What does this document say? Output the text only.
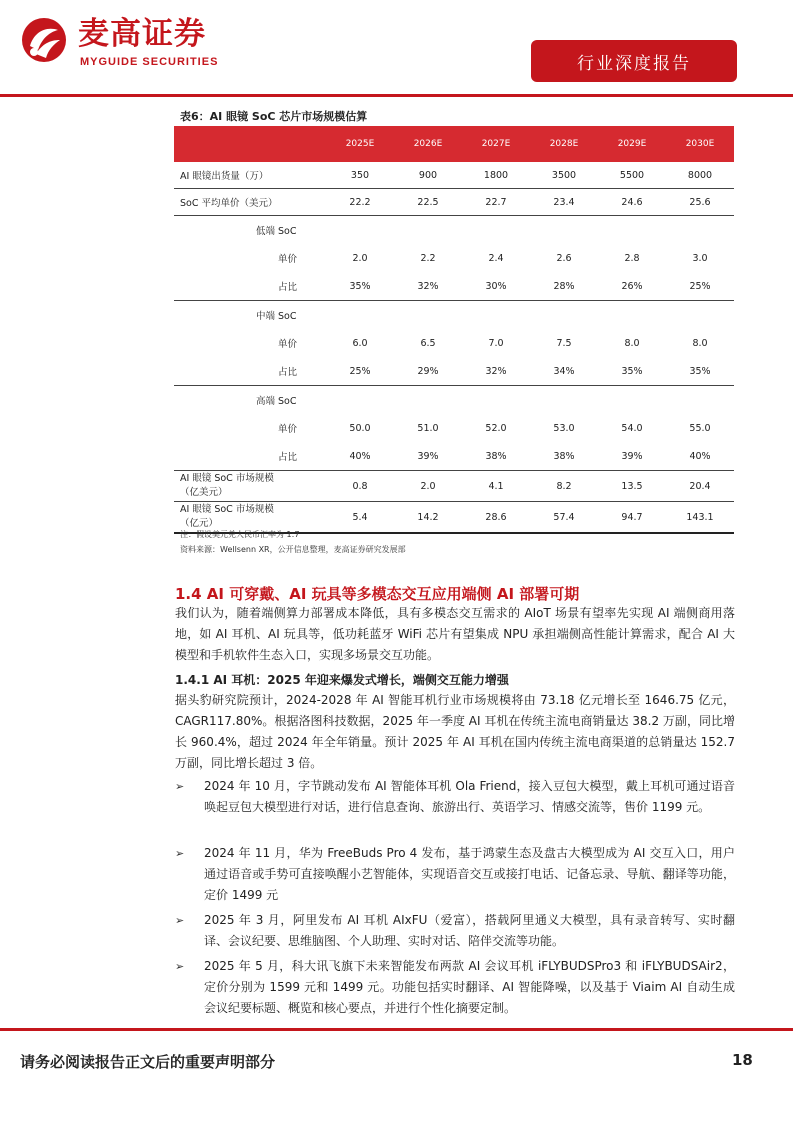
麦高证券
MYGUIDE SECURITIES	行业深度报告
表6：AI 眼镜 SoC 芯片市场规模估算
	2025E	2026E	2027E	2028E	2029E	2030E
AI 眼镜出货量（万）	350	900	1800	3500	5500	8000
SoC 平均单价（美元）	22.2	22.5	22.7	23.4	24.6	25.6
低端 SoC						
单价	2.0	2.2	2.4	2.6	2.8	3.0
占比	35%	32%	30%	28%	26%	25%
中端 SoC						
单价	6.0	6.5	7.0	7.5	8.0	8.0
占比	25%	29%	32%	34%	35%	35%
高端 SoC						
单价	50.0	51.0	52.0	53.0	54.0	55.0
占比	40%	39%	38%	38%	39%	40%
AI 眼镜 SoC 市场规模
（亿美元）	0.8	2.0	4.1	8.2	13.5	20.4
AI 眼镜 SoC 市场规模
（亿元）	5.4	14.2	28.6	57.4	94.7	143.1
注：假设美元兑人民币汇率为 1:7
资料来源：Wellsenn XR，公开信息整理，麦高证券研究发展部
1.4 AI 可穿戴、AI 玩具等多模态交互应用端侧 AI 部署可期
我们认为，随着端侧算力部署成本降低，具有多模态交互需求的 AIoT 场景有望率先实现 AI 端侧商用落地，如 AI 耳机、AI 玩具等，低功耗蓝牙 WiFi 芯片有望集成 NPU 承担端侧高性能计算需求，配合 AI 大模型和手机软件生态入口，实现多场景交互功能。
1.4.1 AI 耳机：2025 年迎来爆发式增长，端侧交互能力增强
据头豹研究院预计，2024-2028 年 AI 智能耳机行业市场规模将由 73.18 亿元增长至 1646.75 亿元，CAGR117.80%。根据洛图科技数据，2025 年一季度 AI 耳机在传统主流电商销量达 38.2 万副，同比增长 960.4%，超过 2024 年全年销量。预计 2025 年 AI 耳机在国内传统主流电商渠道的总销量达 152.7 万副，同比增长超过 3 倍。
➢ 2024 年 10 月，字节跳动发布 AI 智能体耳机 Ola Friend，接入豆包大模型，戴上耳机可通过语音唤起豆包大模型进行对话，进行信息查询、旅游出行、英语学习、情感交流等，售价 1199 元。
➢ 2024 年 11 月，华为 FreeBuds Pro 4 发布，基于鸿蒙生态及盘古大模型成为 AI 交互入口，用户通过语音或手势可直接唤醒小艺智能体，实现语音交互或接打电话、记备忘录、导航、翻译等功能，定价 1499 元
➢ 2025 年 3 月，阿里发布 AI 耳机 AIxFU（爱富），搭载阿里通义大模型，具有录音转写、实时翻译、会议纪要、思维脑图、个人助理、实时对话、陪伴交流等功能。
➢ 2025 年 5 月，科大讯飞旗下未来智能发布两款 AI 会议耳机 iFLYBUDSPro3 和 iFLYBUDSAir2，定价分别为 1599 元和 1499 元。功能包括实时翻译、AI 智能降噪，以及基于 Viaim AI 自动生成会议纪要标题、概览和核心要点，并进行个性化摘要定制。
请务必阅读报告正文后的重要声明部分	18
